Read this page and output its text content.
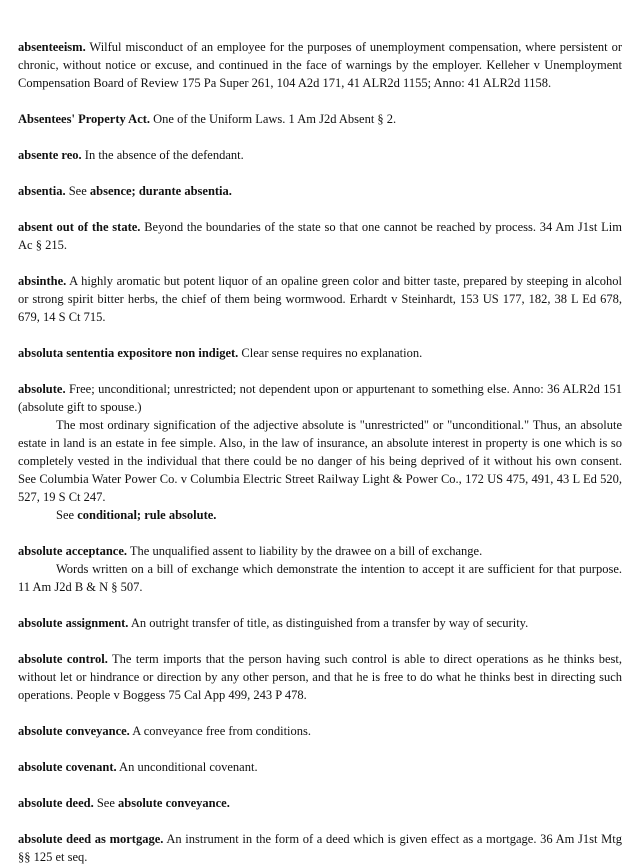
absenteeism. Wilful misconduct of an employee for the purposes of unemployment compensation, where persistent or chronic, without notice or excuse, and continued in the face of warnings by the employer. Kelleher v Unemployment Compensation Board of Review 175 Pa Super 261, 104 A2d 171, 41 ALR2d 1155; Anno: 41 ALR2d 1158.

Absentees' Property Act. One of the Uniform Laws. 1 Am J2d Absent § 2.

absente reo. In the absence of the defendant.

absentia. See absence; durante absentia.

absent out of the state. Beyond the boundaries of the state so that one cannot be reached by process. 34 Am J1st Lim Ac § 215.

absinthe. A highly aromatic but potent liquor of an opaline green color and bitter taste, prepared by steeping in alcohol or strong spirit bitter herbs, the chief of them being wormwood. Erhardt v Steinhardt, 153 US 177, 182, 38 L Ed 678, 679, 14 S Ct 715.

absoluta sententia expositore non indiget. Clear sense requires no explanation.

absolute. Free; unconditional; unrestricted; not dependent upon or appurtenant to something else. Anno: 36 ALR2d 151 (absolute gift to spouse.)

The most ordinary signification of the adjective absolute is "unrestricted" or "unconditional." Thus, an absolute estate in land is an estate in fee simple. Also, in the law of insurance, an absolute interest in property is one which is so completely vested in the individual that there could be no danger of his being deprived of it without his own consent. See Columbia Water Power Co. v Columbia Electric Street Railway Light & Power Co., 172 US 475, 491, 43 L Ed 520, 527, 19 S Ct 247.

See conditional; rule absolute.

absolute acceptance. The unqualified assent to liability by the drawee on a bill of exchange.

Words written on a bill of exchange which demonstrate the intention to accept it are sufficient for that purpose. 11 Am J2d B & N § 507.

absolute assignment. An outright transfer of title, as distinguished from a transfer by way of security.

absolute control. The term imports that the person having such control is able to direct operations as he thinks best, without let or hindrance or direction by any other person, and that he is free to do what he thinks best in directing such operations. People v Boggess 75 Cal App 499, 243 P 478.

absolute conveyance. A conveyance free from conditions.

absolute covenant. An unconditional covenant.

absolute deed. See absolute conveyance.

absolute deed as mortgage. An instrument in the form of a deed which is given effect as a mortgage. 36 Am J1st Mtg §§ 125 et seq.
